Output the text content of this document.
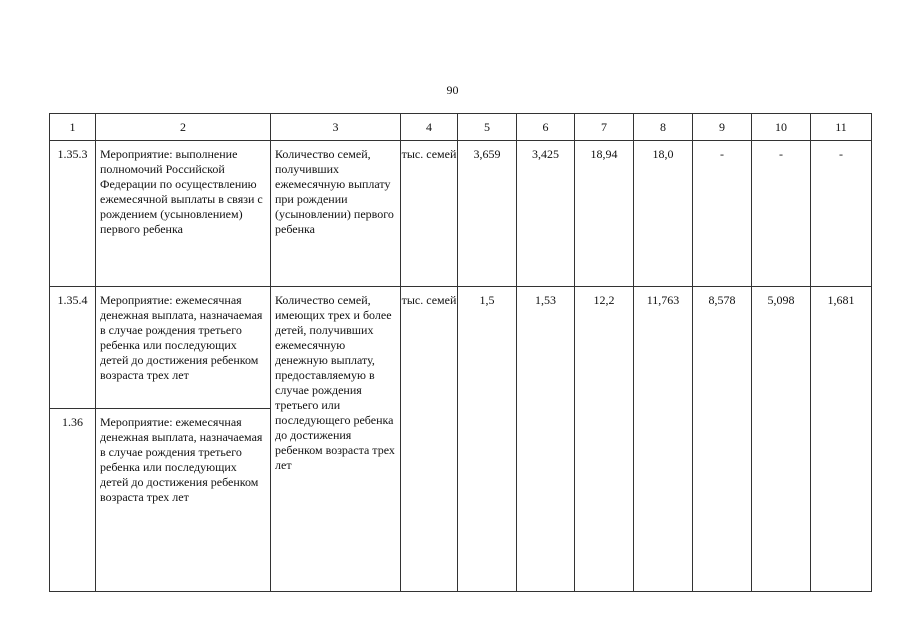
90
1	2	3	4	5	6	7	8	9	10	11
1.35.3	Мероприятие: выполнение полномочий Российской Федерации по осуществлению ежемесячной выплаты в связи с рождением (усыновлением) первого ребенка	Количество семей, получивших ежемесячную выплату при рождении (усыновлении) первого ребенка	тыс. семей	3,659	3,425	18,94	18,0	-	-	-
1.35.4	Мероприятие: ежемесячная денежная выплата, назначаемая в случае рождения третьего ребенка или последующих детей до достижения ребенком возраста трех лет	Количество семей, имеющих трех и более детей, получивших ежемесячную денежную выплату, предоставляемую в случае рождения третьего или последующего ребенка до достижения ребенком возраста трех лет	тыс. семей	1,5	1,53	12,2	11,763	8,578	5,098	1,681
1.36	Мероприятие: ежемесячная денежная выплата, назначаемая в случае рождения третьего ребенка или последующих детей до достижения ребенком возраста трех лет									
